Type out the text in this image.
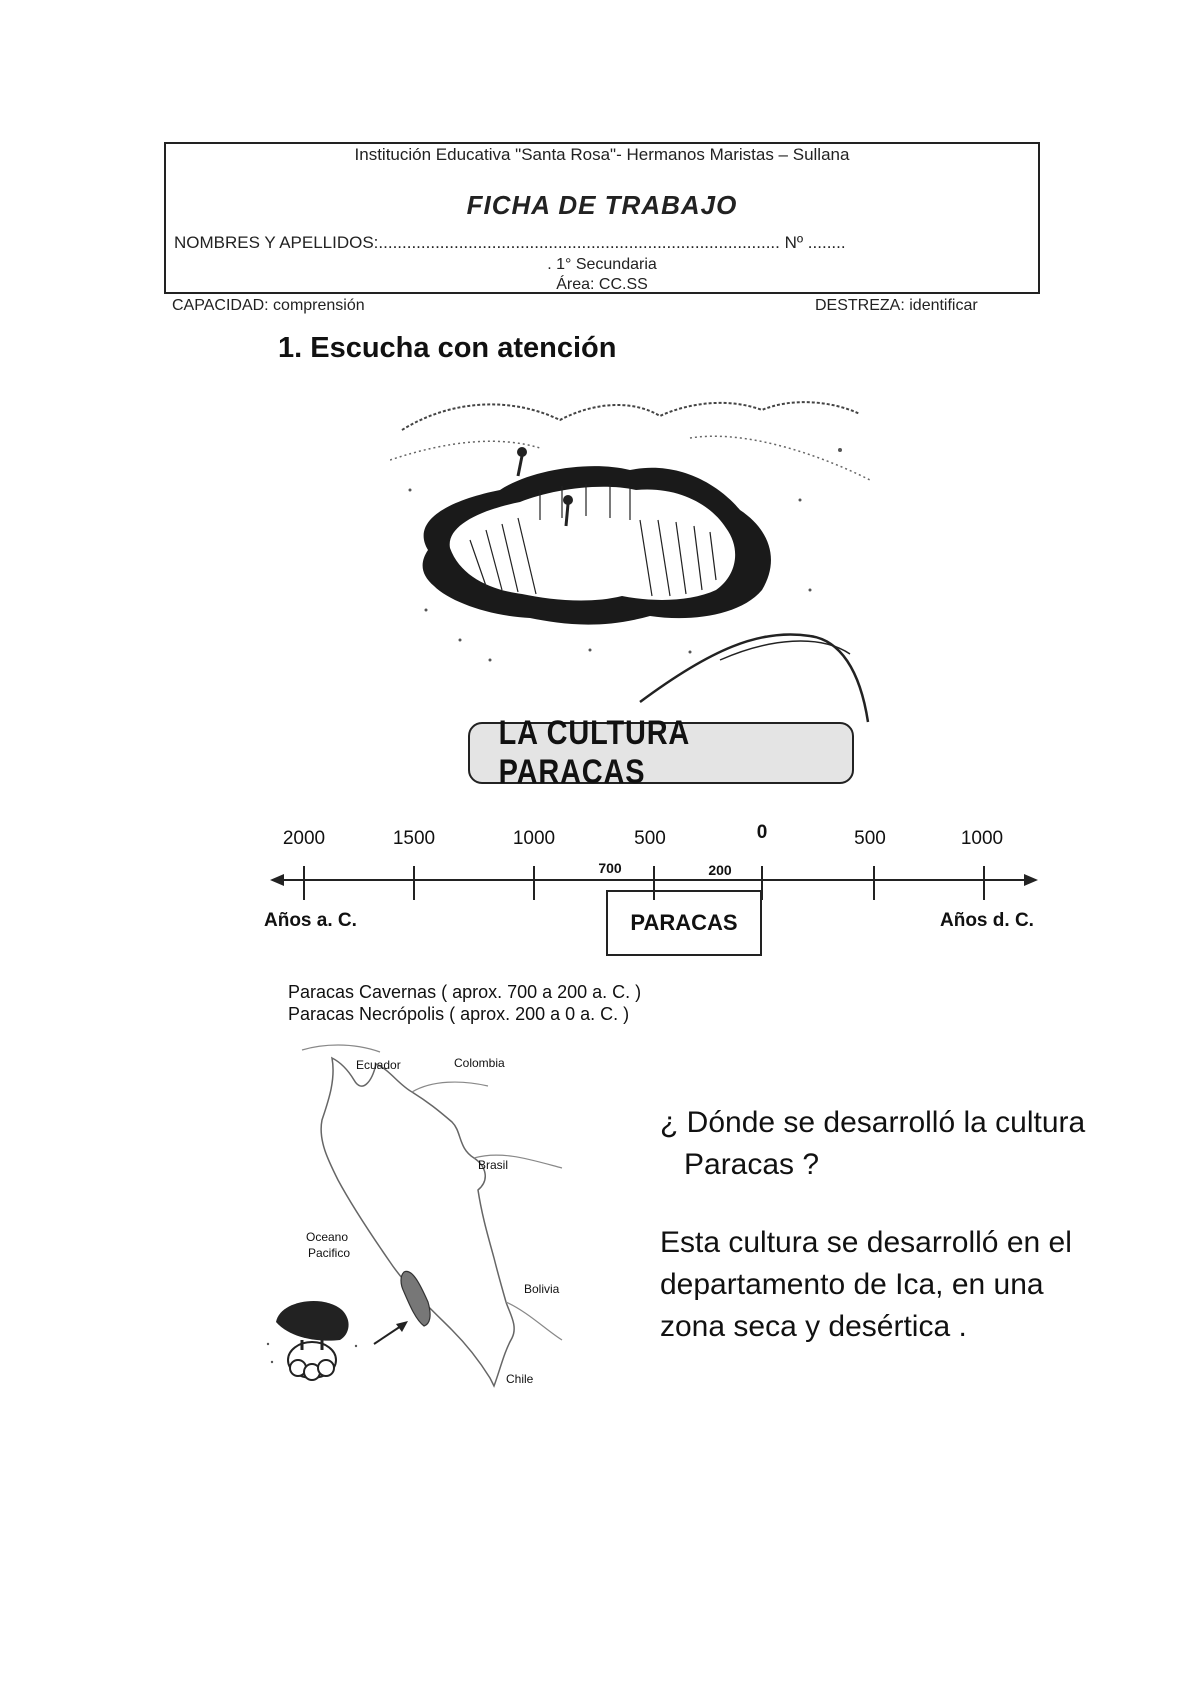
Institución Educativa "Santa Rosa"- Hermanos Maristas – Sullana
FICHA DE TRABAJO
NOMBRES Y APELLIDOS:..................................................................................... Nº ........
. 1° Secundaria
Área: CC.SS
CAPACIDAD: comprensión	DESTREZA: identificar
1. Escucha con atención
LA CULTURA PARACAS
2000	1500	1000	500	0	500	1000
700	200
Años a. C.	Años d. C.
PARACAS
Paracas Cavernas ( aprox. 700 a 200 a. C. )
Paracas Necrópolis ( aprox. 200 a 0 a. C. )
Ecuador	Colombia
Brasil
Oceano
Pacifico
Bolivia
Chile
¿ Dónde se desarrolló la cultura
Paracas ?
Esta cultura se desarrolló en el
departamento de Ica, en una
zona seca y desértica .
